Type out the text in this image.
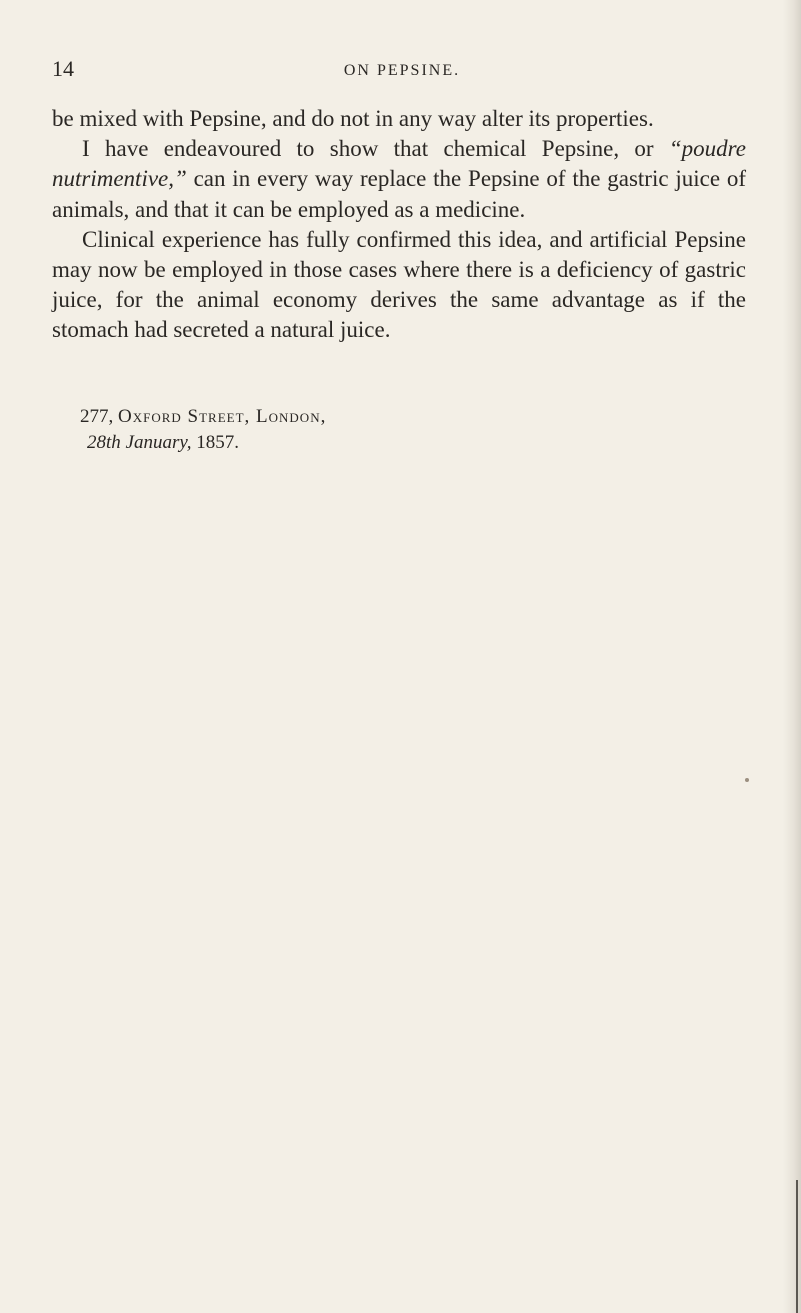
14	ON PEPSINE.

be mixed with Pepsine, and do not in any way alter its properties.

I have endeavoured to show that chemical Pepsine, or “poudre nutrimentive,” can in every way replace the Pepsine of the gastric juice of animals, and that it can be employed as a medicine.

Clinical experience has fully confirmed this idea, and artificial Pepsine may now be employed in those cases where there is a deficiency of gastric juice, for the animal economy derives the same advantage as if the stomach had secreted a natural juice.

277, Oxford Street, London,
28th January, 1857.
